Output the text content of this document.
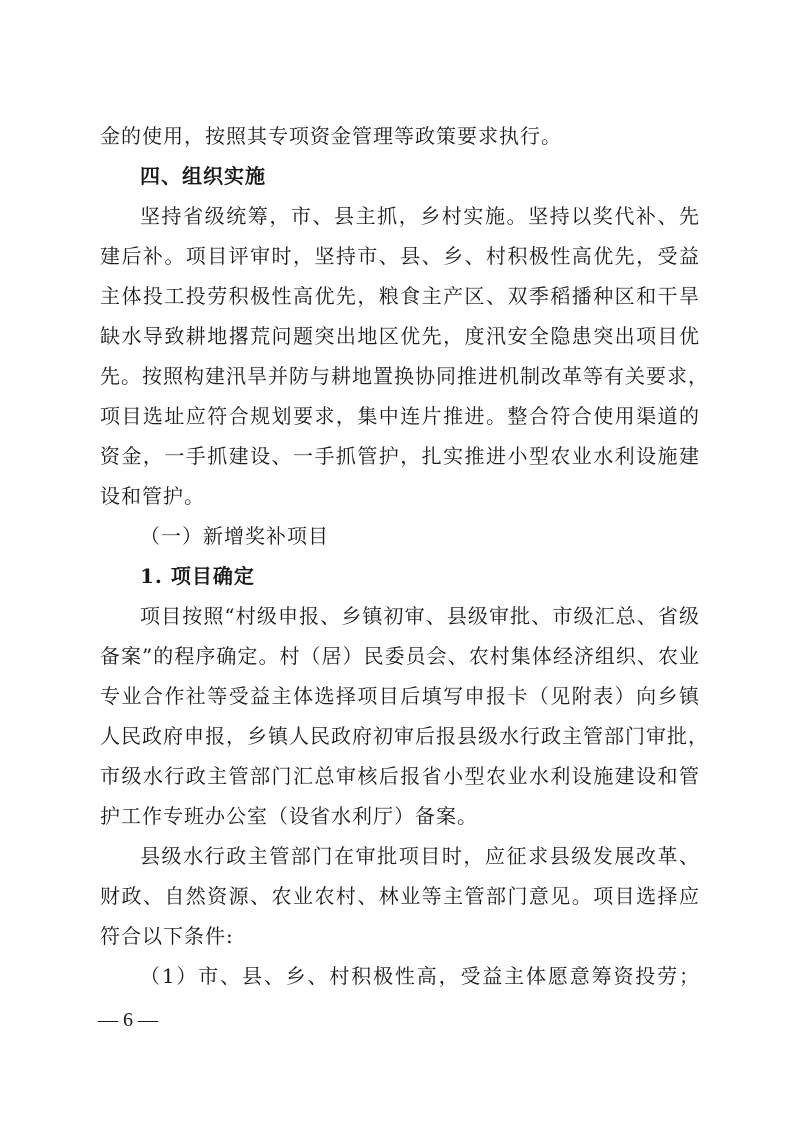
金的使用，按照其专项资金管理等政策要求执行。
四、组织实施
坚持省级统筹，市、县主抓，乡村实施。坚持以奖代补、先
建后补。项目评审时，坚持市、县、乡、村积极性高优先，受益
主体投工投劳积极性高优先，粮食主产区、双季稻播种区和干旱
缺水导致耕地撂荒问题突出地区优先，度汛安全隐患突出项目优
先。按照构建汛旱并防与耕地置换协同推进机制改革等有关要求，
项目选址应符合规划要求，集中连片推进。整合符合使用渠道的
资金，一手抓建设、一手抓管护，扎实推进小型农业水利设施建
设和管护。
（一）新增奖补项目
1. 项目确定
项目按照“村级申报、乡镇初审、县级审批、市级汇总、省级
备案”的程序确定。村（居）民委员会、农村集体经济组织、农业
专业合作社等受益主体选择项目后填写申报卡（见附表）向乡镇
人民政府申报，乡镇人民政府初审后报县级水行政主管部门审批，
市级水行政主管部门汇总审核后报省小型农业水利设施建设和管
护工作专班办公室（设省水利厅）备案。
县级水行政主管部门在审批项目时，应征求县级发展改革、
财政、自然资源、农业农村、林业等主管部门意见。项目选择应
符合以下条件:
（1）市、县、乡、村积极性高，受益主体愿意筹资投劳；
— 6 —
